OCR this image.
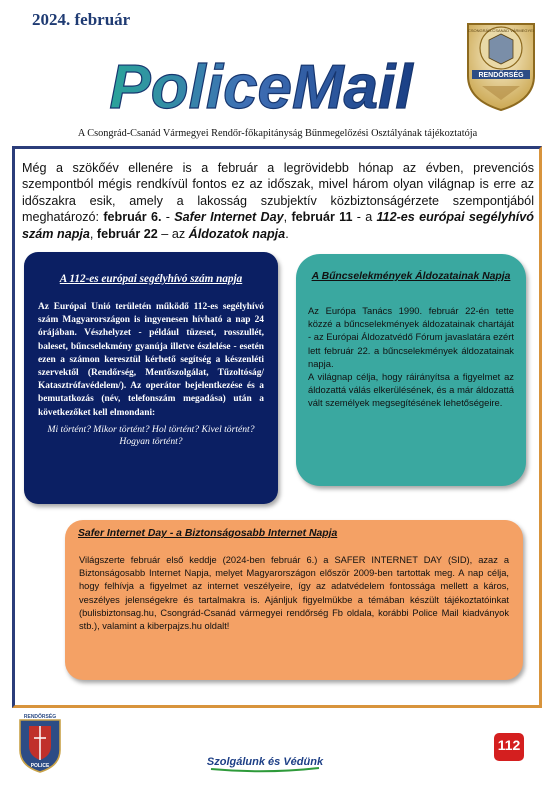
2024. február
PoliceMail
CSONGRÁD-CSANÁD VÁRMEGYEI
RENDŐRSÉG
A Csongrád-Csanád Vármegyei Rendőr-főkapitányság Bűnmegelőzési Osztályának tájékoztatója
Még a szökőév ellenére is a február a legrövidebb hónap az évben, prevenciós szempontból mégis rendkívül fontos ez az időszak, mivel három olyan világnap is erre az időszakra esik, amely a lakosság szubjektív közbiztonságérzete szempontjából meghatározó: február 6. - Safer Internet Day, február 11 - a 112-es európai segélyhívó szám napja, február 22 – az Áldozatok napja.
A 112-es európai segélyhívó szám napja
Az Európai Unió területén működő 112-es segélyhívó szám Magyarországon is ingyenesen hívható a nap 24 órájában. Vészhelyzet - például tüzeset, rosszullét, baleset, bűncselekmény gyanúja illetve észlelése - esetén ezen a számon keresztül kérhető segítség a készenléti szervektől (Rendőrség, Mentőszolgálat, Tűzoltóság/ Katasztrófavédelem/). Az operátor bejelentkezése és a bemutatkozás (név, telefonszám megadása) után a következőket kell elmondani:
Mi történt? Mikor történt? Hol történt? Kivel történt? Hogyan történt?
A Bűncselekmények Áldozatainak Napja

Az Európa Tanács 1990. február 22-én tette közzé a bűncselekmények áldozatainak chartáját - az Európai Áldozatvédő Fórum javaslatára ezért lett február 22. a bűncselekmények áldozatainak napja.

A világnap célja, hogy ráirányítsa a figyelmet az áldozattá válás elkerülésének, és a már áldozattá vált személyek megsegítésének lehetőségeire.

Safer Internet Day - a Biztonságosabb Internet Napja
Világszerte február első keddje (2024-ben február 6.) a SAFER INTERNET DAY (SID), azaz a Biztonságosabb Internet Napja, melyet Magyarországon először 2009-ben tartottak meg. A nap célja, hogy felhívja a figyelmet az internet veszélyeire, így az adatvédelem fontossága mellett a káros, veszélyes jelenségekre és tartalmakra is. Ajánljuk figyelmükbe a témában készült tájékoztatóinkat (bulisbiztonsag.hu, Csongrád-Csanád vármegyei rendőrség Fb oldala, korábbi Police Mail kiadványok stb.), valamint a kiberpajzs.hu oldalt!
RENDŐRSÉG
POLICE	Szolgálunk és Védünk
112
